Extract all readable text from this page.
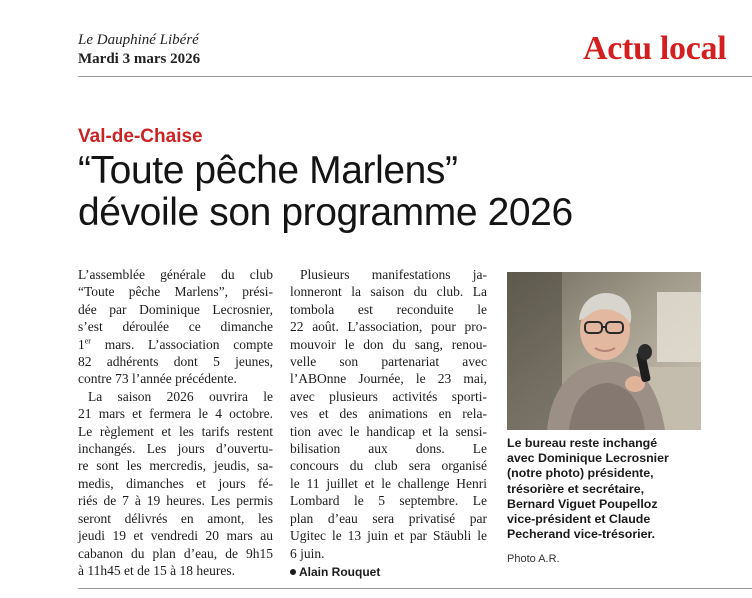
Le Dauphiné Libéré
Mardi 3 mars 2026	Actu local
Val-de-Chaise
“Toute pêche Marlens”
dévoile son programme 2026
L’assemblée générale du club
“Toute pêche Marlens”, prési-
dée par Dominique Lecrosnier,
s’est déroulée ce dimanche
1er mars. L’association compte
82 adhérents dont 5 jeunes,
contre 73 l’année précédente.
La saison 2026 ouvrira le
21 mars et fermera le 4 octobre.
Le règlement et les tarifs restent
inchangés. Les jours d’ouvertu-
re sont les mercredis, jeudis, sa-
medis, dimanches et jours fé-
riés de 7 à 19 heures. Les permis
seront délivrés en amont, les
jeudi 19 et vendredi 20 mars au
cabanon du plan d’eau, de 9h15
à 11h45 et de 15 à 18 heures.
Plusieurs manifestations ja-
lonneront la saison du club. La
tombola est reconduite le
22 août. L’association, pour pro-
mouvoir le don du sang, renou-
velle son partenariat avec
l’ABOnne Journée, le 23 mai,
avec plusieurs activités sporti-
ves et des animations en rela-
tion avec le handicap et la sensi-
bilisation aux dons. Le
concours du club sera organisé
le 11 juillet et le challenge Henri
Lombard le 5 septembre. Le
plan d’eau sera privatisé par
Ugitec le 13 juin et par Stäubli le
6 juin.
Alain Rouquet
Le bureau reste inchangé
avec Dominique Lecrosnier
(notre photo) présidente,
trésorière et secrétaire,
Bernard Viguet Poupelloz
vice-président et Claude
Pecherand vice-trésorier.
Photo A.R.
